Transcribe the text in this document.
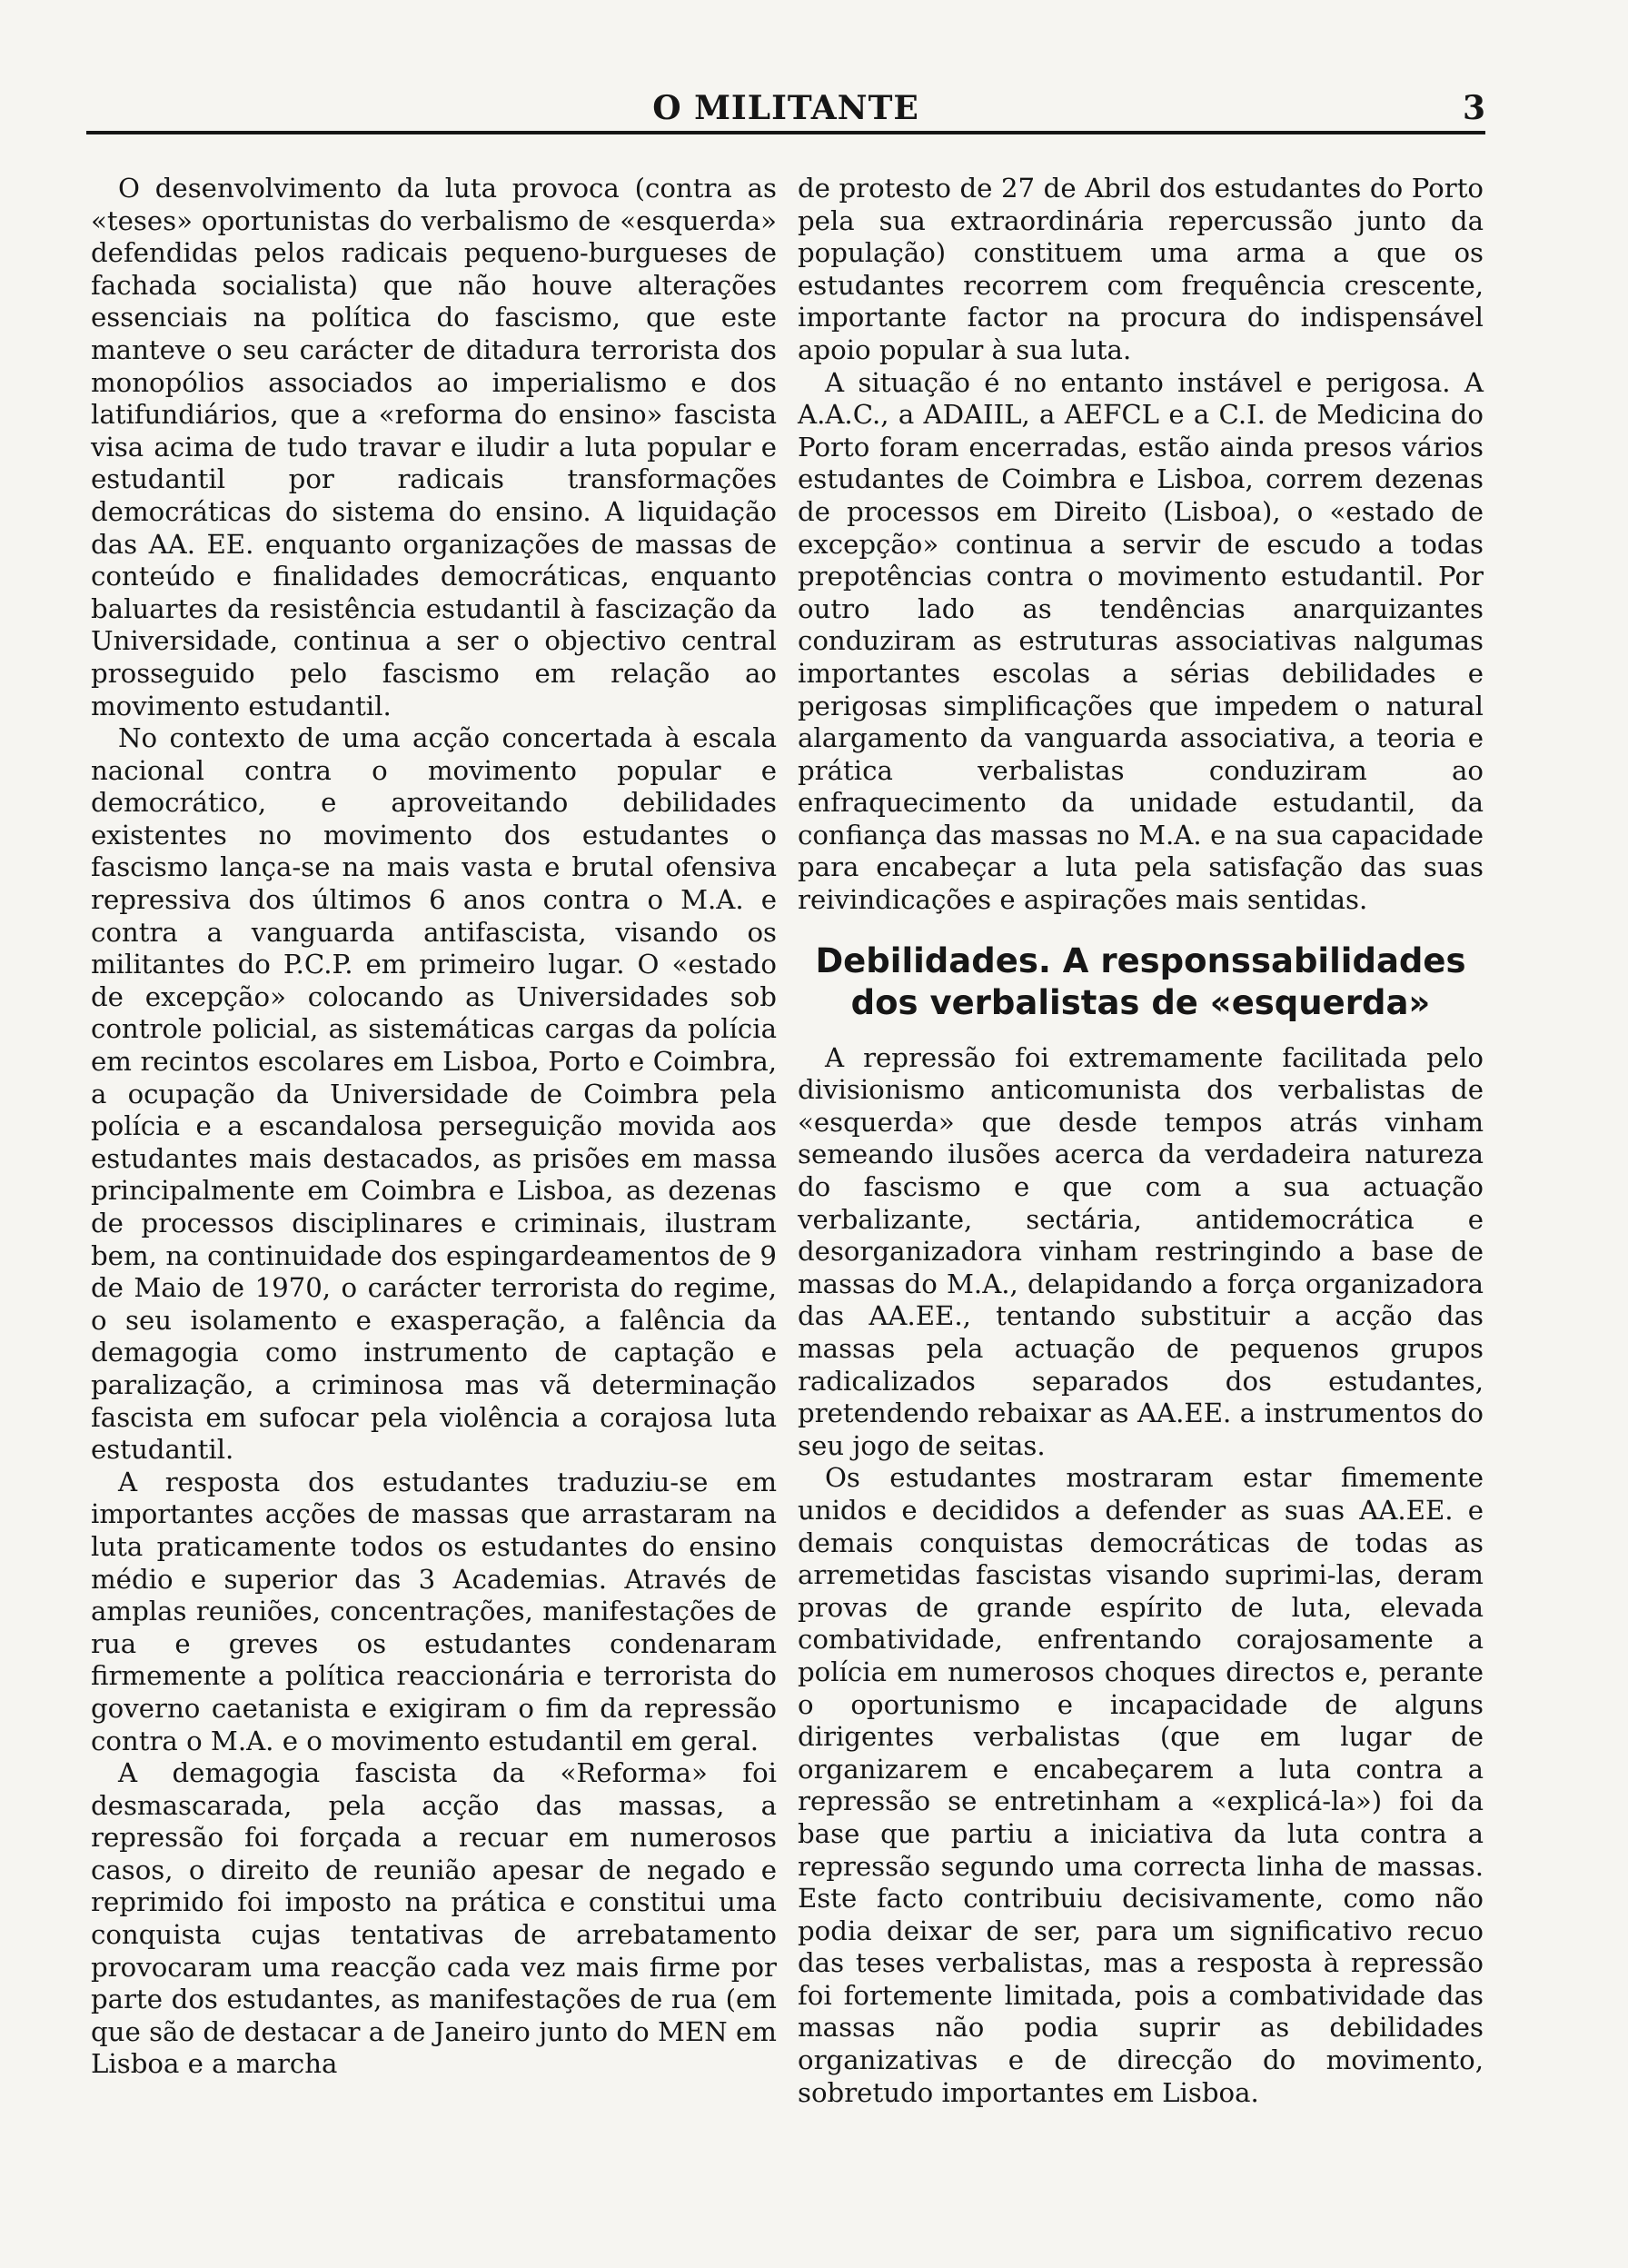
O MILITANTE	3

O desenvolvimento da luta provoca (contra as «teses» oportunistas do verbalismo de «esquerda» defendidas pelos radicais pequeno-burgueses de fachada socialista) que não houve alterações essenciais na política do fascismo, que este manteve o seu carácter de ditadura terrorista dos monopólios associados ao imperialismo e dos latifundiários, que a «reforma do ensino» fascista visa acima de tudo travar e iludir a luta popular e estudantil por radicais transformações democráticas do sistema do ensino. A liquidação das AA. EE. enquanto organizações de massas de conteúdo e finalidades democráticas, enquanto baluartes da resistência estudantil à fascização da Universidade, continua a ser o objectivo central prosseguido pelo fascismo em relação ao movimento estudantil.

No contexto de uma acção concertada à escala nacional contra o movimento popular e democrático, e aproveitando debilidades existentes no movimento dos estudantes o fascismo lança-se na mais vasta e brutal ofensiva repressiva dos últimos 6 anos contra o M.A. e contra a vanguarda antifascista, visando os militantes do P.C.P. em primeiro lugar. O «estado de excepção» colocando as Universidades sob controle policial, as sistemáticas cargas da polícia em recintos escolares em Lisboa, Porto e Coimbra, a ocupação da Universidade de Coimbra pela polícia e a escandalosa perseguição movida aos estudantes mais destacados, as prisões em massa principalmente em Coimbra e Lisboa, as dezenas de processos disciplinares e criminais, ilustram bem, na continuidade dos espingardeamentos de 9 de Maio de 1970, o carácter terrorista do regime, o seu isolamento e exasperação, a falência da demagogia como instrumento de captação e paralização, a criminosa mas vã determinação fascista em sufocar pela violência a corajosa luta estudantil.

A resposta dos estudantes traduziu-se em importantes acções de massas que arrastaram na luta praticamente todos os estudantes do ensino médio e superior das 3 Academias. Através de amplas reuniões, concentrações, manifestações de rua e greves os estudantes condenaram firmemente a política reaccionária e terrorista do governo caetanista e exigiram o fim da repressão contra o M.A. e o movimento estudantil em geral.

A demagogia fascista da «Reforma» foi desmascarada, pela acção das massas, a repressão foi forçada a recuar em numerosos casos, o direito de reunião apesar de negado e reprimido foi imposto na prática e constitui uma conquista cujas tentativas de arrebatamento provocaram uma reacção cada vez mais firme por parte dos estudantes, as manifestações de rua (em que são de destacar a de Janeiro junto do MEN em Lisboa e a marcha

de protesto de 27 de Abril dos estudantes do Porto pela sua extraordinária repercussão junto da população) constituem uma arma a que os estudantes recorrem com frequência crescente, importante factor na procura do indispensável apoio popular à sua luta.

A situação é no entanto instável e perigosa. A A.A.C., a ADAIIL, a AEFCL e a C.I. de Medicina do Porto foram encerradas, estão ainda presos vários estudantes de Coimbra e Lisboa, correm dezenas de processos em Direito (Lisboa), o «estado de excepção» continua a servir de escudo a todas prepotências contra o movimento estudantil. Por outro lado as tendências anarquizantes conduziram as estruturas associativas nalgumas importantes escolas a sérias debilidades e perigosas simplificações que impedem o natural alargamento da vanguarda associativa, a teoria e prática verbalistas conduziram ao enfraquecimento da unidade estudantil, da confiança das massas no M.A. e na sua capacidade para encabeçar a luta pela satisfação das suas reivindicações e aspirações mais sentidas.

Debilidades. A responssabilidades
dos verbalistas de «esquerda»

A repressão foi extremamente facilitada pelo divisionismo anticomunista dos verbalistas de «esquerda» que desde tempos atrás vinham semeando ilusões acerca da verdadeira natureza do fascismo e que com a sua actuação verbalizante, sectária, antidemocrática e desorganizadora vinham restringindo a base de massas do M.A., delapidando a força organizadora das AA.EE., tentando substituir a acção das massas pela actuação de pequenos grupos radicalizados separados dos estudantes, pretendendo rebaixar as AA.EE. a instrumentos do seu jogo de seitas.

Os estudantes mostraram estar fimemente unidos e decididos a defender as suas AA.EE. e demais conquistas democráticas de todas as arremetidas fascistas visando suprimi-las, deram provas de grande espírito de luta, elevada combatividade, enfrentando corajosamente a polícia em numerosos choques directos e, perante o oportunismo e incapacidade de alguns dirigentes verbalistas (que em lugar de organizarem e encabeçarem a luta contra a repressão se entretinham a «explicá-la») foi da base que partiu a iniciativa da luta contra a repressão segundo uma correcta linha de massas. Este facto contribuiu decisivamente, como não podia deixar de ser, para um significativo recuo das teses verbalistas, mas a resposta à repressão foi fortemente limitada, pois a combatividade das massas não podia suprir as debilidades organizativas e de direcção do movimento, sobretudo importantes em Lisboa.
